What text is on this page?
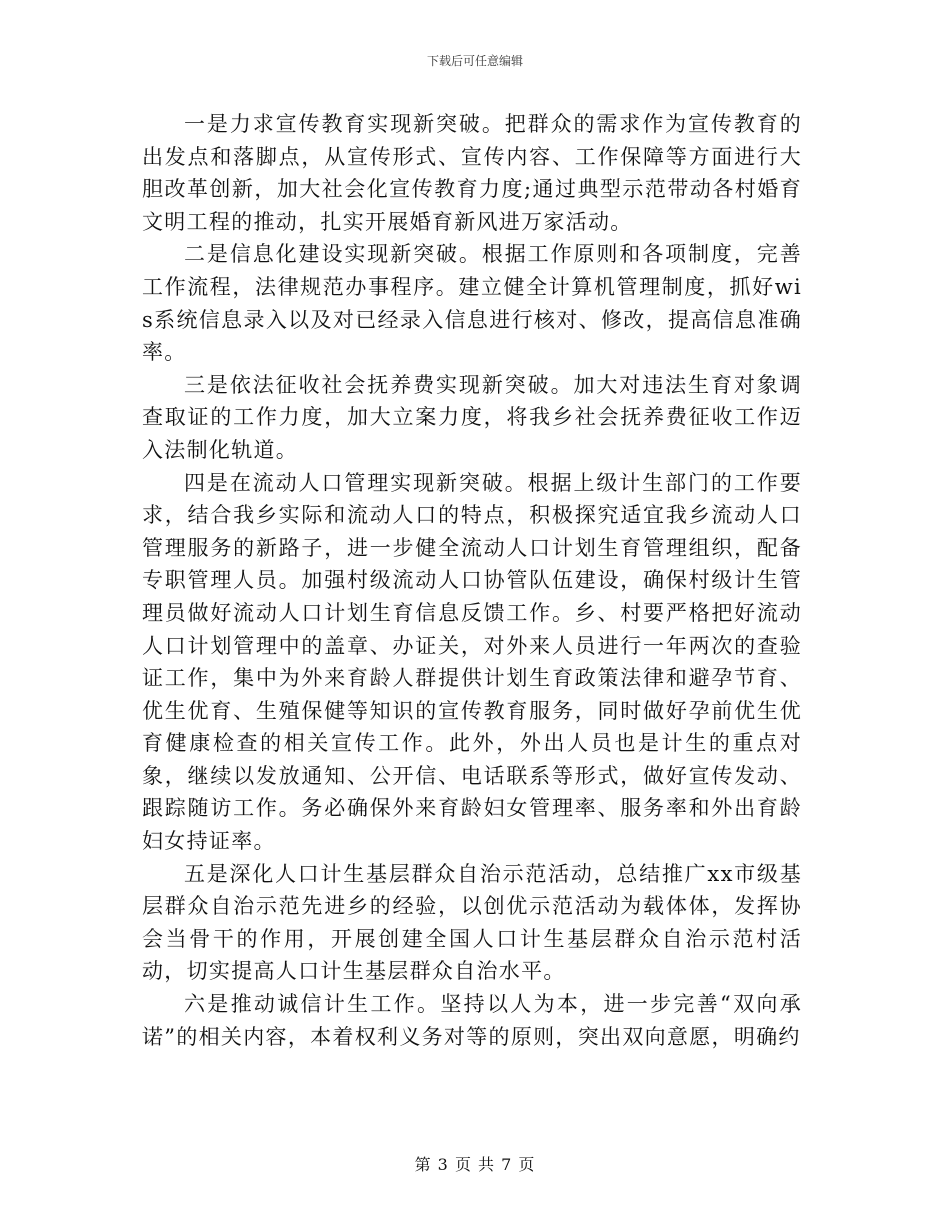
下载后可任意编辑

一是力求宣传教育实现新突破。把群众的需求作为宣传教育的出发点和落脚点，从宣传形式、宣传内容、工作保障等方面进行大胆改革创新，加大社会化宣传教育力度;通过典型示范带动各村婚育文明工程的推动，扎实开展婚育新风进万家活动。

二是信息化建设实现新突破。根据工作原则和各项制度，完善工作流程，法律规范办事程序。建立健全计算机管理制度，抓好wis系统信息录入以及对已经录入信息进行核对、修改，提高信息准确率。

三是依法征收社会抚养费实现新突破。加大对违法生育对象调查取证的工作力度，加大立案力度，将我乡社会抚养费征收工作迈入法制化轨道。

四是在流动人口管理实现新突破。根据上级计生部门的工作要求，结合我乡实际和流动人口的特点，积极探究适宜我乡流动人口管理服务的新路子，进一步健全流动人口计划生育管理组织，配备专职管理人员。加强村级流动人口协管队伍建设，确保村级计生管理员做好流动人口计划生育信息反馈工作。乡、村要严格把好流动人口计划管理中的盖章、办证关，对外来人员进行一年两次的查验证工作，集中为外来育龄人群提供计划生育政策法律和避孕节育、优生优育、生殖保健等知识的宣传教育服务，同时做好孕前优生优育健康检查的相关宣传工作。此外，外出人员也是计生的重点对象，继续以发放通知、公开信、电话联系等形式，做好宣传发动、跟踪随访工作。务必确保外来育龄妇女管理率、服务率和外出育龄妇女持证率。

五是深化人口计生基层群众自治示范活动，总结推广xx市级基层群众自治示范先进乡的经验，以创优示范活动为载体体，发挥协会当骨干的作用，开展创建全国人口计生基层群众自治示范村活动，切实提高人口计生基层群众自治水平。

六是推动诚信计生工作。坚持以人为本，进一步完善“双向承诺”的相关内容，本着权利义务对等的原则，突出双向意愿，明确约

第 3 页 共 7 页
